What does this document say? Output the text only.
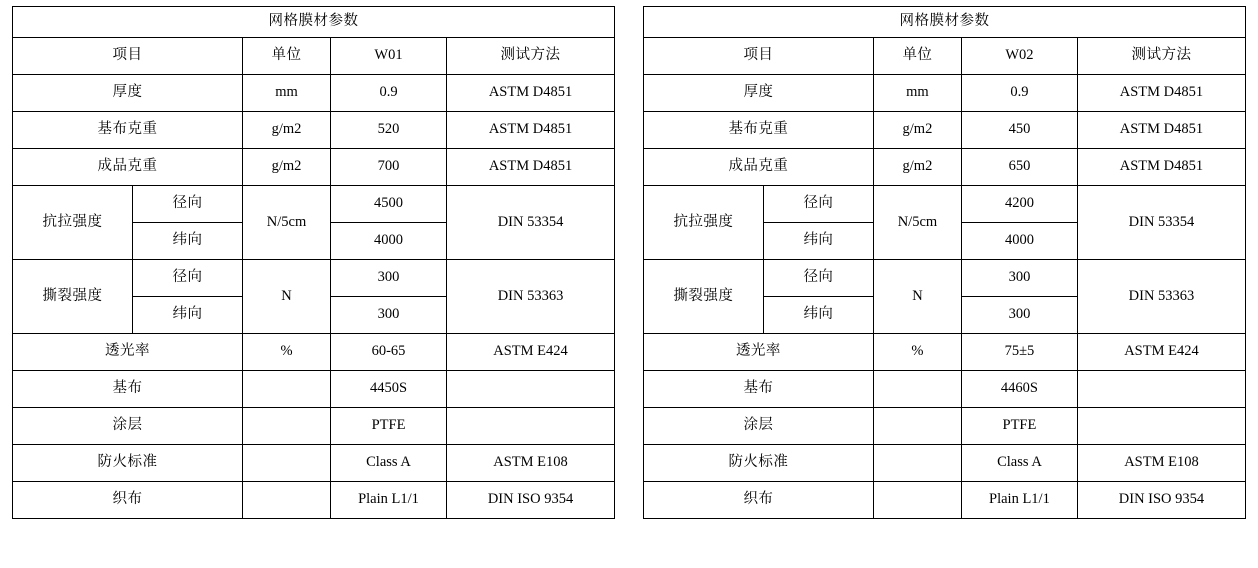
网格膜材参数				
项目		单位	W01	测试方法
厚度		mm	0.9	ASTM D4851
基布克重		g/m2	520	ASTM D4851
成品克重		g/m2	700	ASTM D4851
抗拉强度	径向	N/5cm	4500	DIN 53354
	纬向		4000	
撕裂强度	径向	N	300	DIN 53363
	纬向		300	
透光率		%	60-65	ASTM E424
基布			4450S	
涂层			PTFE	
防火标准			Class A	ASTM E108
织布			Plain L1/1	DIN ISO 9354
网格膜材参数				
项目		单位	W02	测试方法
厚度		mm	0.9	ASTM D4851
基布克重		g/m2	450	ASTM D4851
成品克重		g/m2	650	ASTM D4851
抗拉强度	径向	N/5cm	4200	DIN 53354
	纬向		4000	
撕裂强度	径向	N	300	DIN 53363
	纬向		300	
透光率		%	75±5	ASTM E424
基布			4460S	
涂层			PTFE	
防火标准			Class A	ASTM E108
织布			Plain L1/1	DIN ISO 9354
